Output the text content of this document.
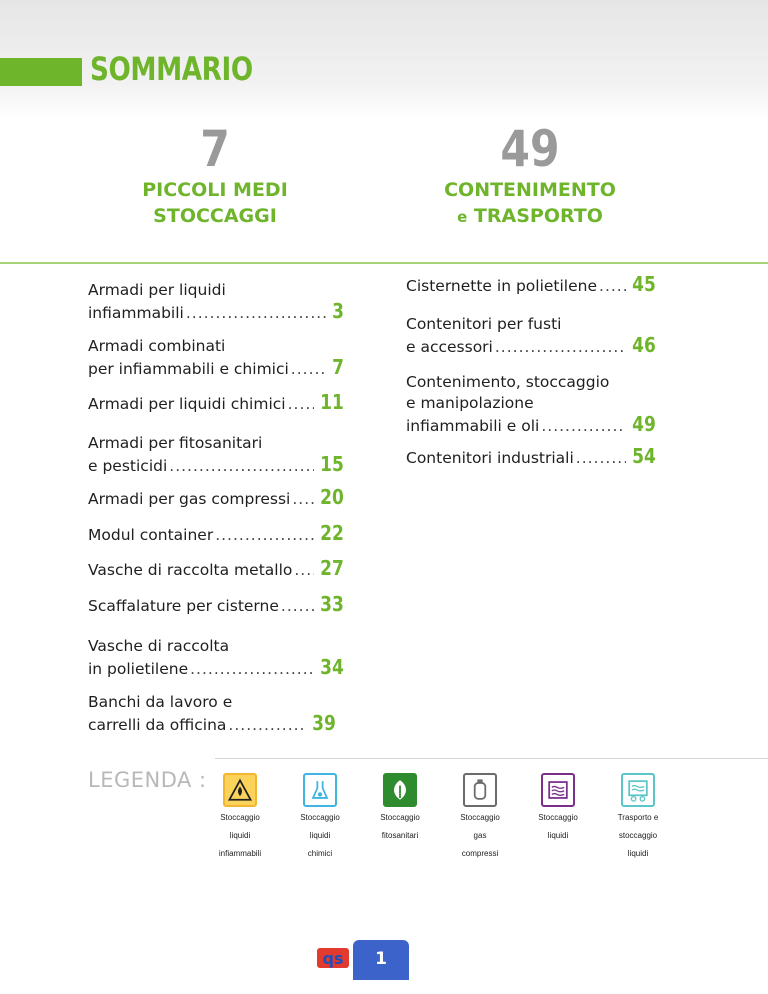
SOMMARIO
7
PICCOLI MEDI
STOCCAGGI
49
CONTENIMENTO
e TRASPORTO
Armadi per liquidi
infiammabili .....	3
Armadi combinati
per infiammabili e chimici ..... 7
Armadi per liquidi chimici ..... 11
Armadi per fitosanitari
e pesticidi .....	15
Armadi per gas compressi ..... 20
Modul container .....	22
Vasche di raccolta metallo ..... 27
Scaffalature per cisterne ..... 33
Vasche di raccolta
in polietilene .....	34
Banchi da lavoro e
carrelli da officina .....	39
Cisternette in polietilene ..... 45
Contenitori per fusti
e accessori .....	46
Contenimento, stoccaggio
e manipolazione
infiammabili e oli .....	49
Contenitori industriali .....	54
LEGENDA :
Stoccaggio
liquidi
infiammabili
Stoccaggio
liquidi
chimici
Stoccaggio
fitosanitari
Stoccaggio
gas
compressi
Stoccaggio
liquidi
Trasporto e
stoccaggio
liquidi
qs	1
